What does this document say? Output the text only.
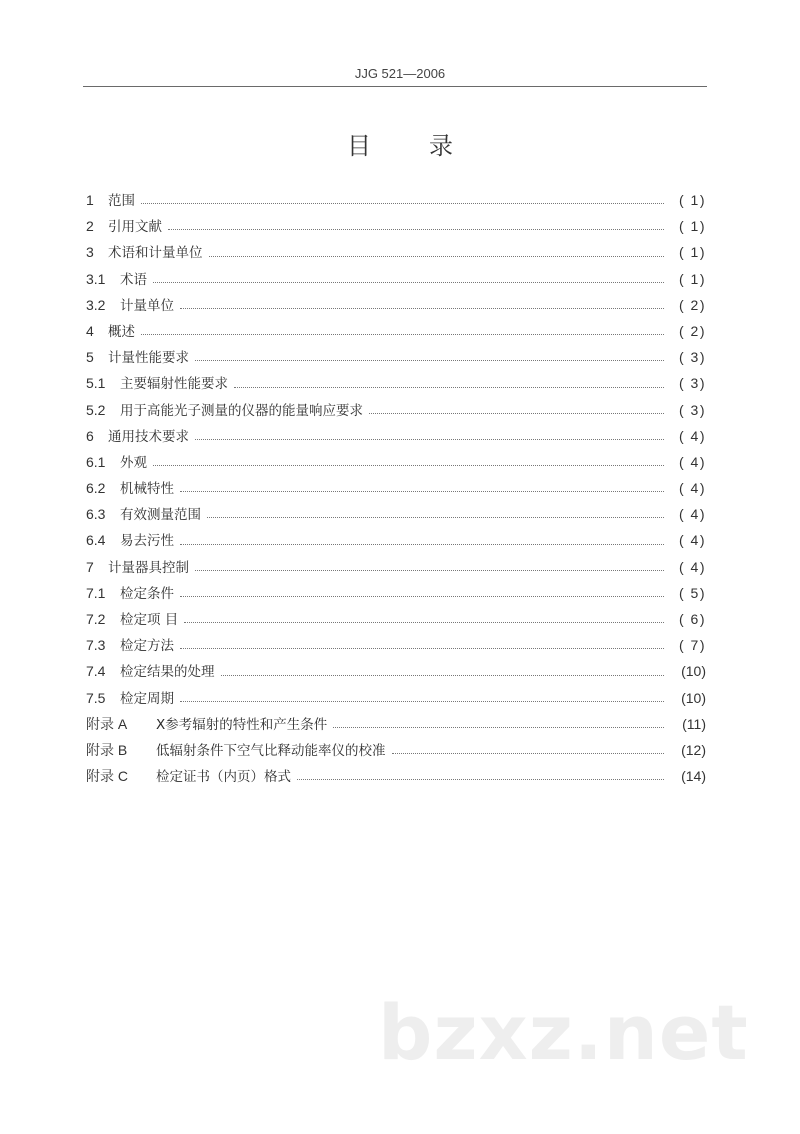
JJG 521—2006
目 录
1	范围	( 1)
2	引用文献	( 1)
3	术语和计量单位	( 1)
3.1	术语	( 1)
3.2	计量单位	( 2)
4	概述	( 2)
5	计量性能要求	( 3)
5.1	主要辐射性能要求	( 3)
5.2	用于高能光子测量的仪器的能量响应要求	( 3)
6	通用技术要求	( 4)
6.1	外观	( 4)
6.2	机械特性	( 4)
6.3	有效测量范围	( 4)
6.4	易去污性	( 4)
7	计量器具控制	( 4)
7.1	检定条件	( 5)
7.2	检定项 目	( 6)
7.3	检定方法	( 7)
7.4	检定结果的处理	(10)
7.5	检定周期	(10)
附录 A	X参考辐射的特性和产生条件	(11)
附录 B	低辐射条件下空气比释动能率仪的校准	(12)
附录 C	检定证书（内页）格式	(14)
bzxz.net
